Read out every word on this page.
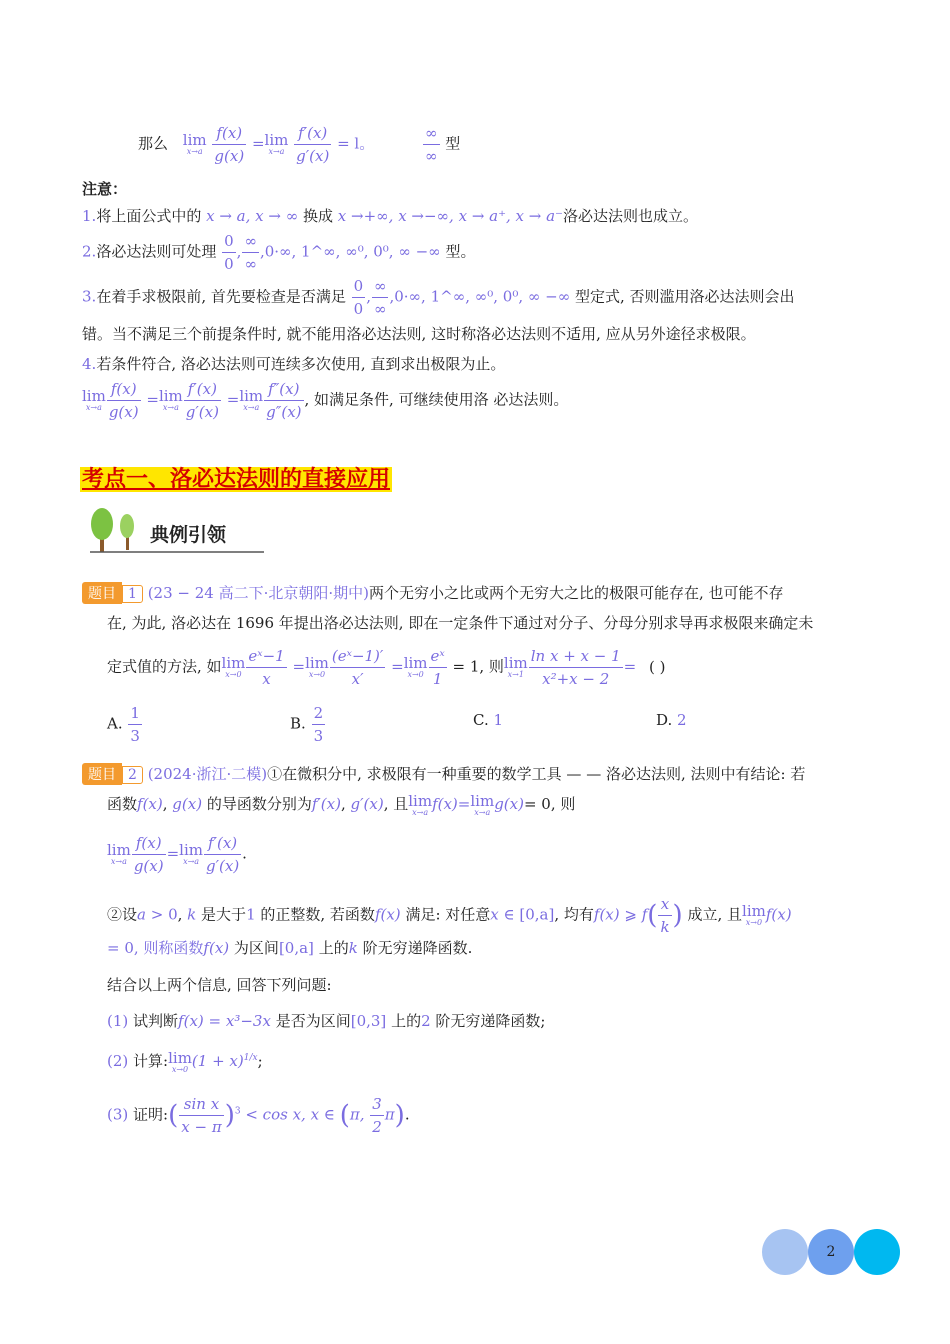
那么 lim
x→a
$\frac{f(x)}{g(x)} =\lim$
x→a
$\frac{f'(x)}{g'(x)} = l$。	$\frac{\infty}{\infty}$ 型
注意：
1.将上面公式中的 x → a, x → ∞ 换成 x →+∞, x →−∞, x → a⁺, x → a⁻洛必达法则也成立。
2.洛必达法则可处理 $\frac{0}{0}$ , $\frac{\infty}{\infty} ,0\cdot\infty$, 1^∞, ∞⁰, 0⁰, ∞ −∞ 型。
3.在着手求极限前, 首先要检查是否满足 $\frac{0}{0}$ , $\frac{\infty}{\infty} ,0\cdot\infty$, 1^∞, ∞⁰, 0⁰, ∞ −∞ 型定式, 否则滥用洛必达法则会出
错。当不满足三个前提条件时, 就不能用洛必达法则, 这时称洛必达法则不适用, 应从另外途径求极限。
4.若条件符合, 洛必达法则可连续多次使用, 直到求出极限为止。
lim
$x\to a \frac{f(x)}{g(x)} =\lim$
$x\to a \frac{f'(x)}{g'(x)} =\lim$
$x\to a \frac{f''(x)}{g''(x)}$ , 如满足条件, 可继续使用洛 必达法则。
考点一、洛必达法则的直接应用
典例引领
题目 1 (23 − 24 高二下·北京朝阳·期中)两个无穷小之比或两个无穷大之比的极限可能存在, 也可能不存
在, 为此, 洛必达在 1696 年提出洛必达法则, 即在一定条件下通过对分子、分母分别求导再求极限来确定未
定式值的方法, 如lim
$x\to 0 \frac{\text{eˣ−1}}{x} =\lim$
$x\to 0 \frac{\text{(eˣ−1)′}}{x'} =\lim$
$x\to 0 \frac{\text{eˣ}}{1} = 1$, 则lim
$x\to 1 \frac{\text{ln x + x − 1}}{\text{x²+x − 2}}$ = ( )
A. $\frac{1}{3}$	B. $\frac{2}{3}$	C. 1	D. 2
题目 2 (2024·浙江·二模)①在微积分中, 求极限有一种重要的数学工具 — — 洛必达法则, 法则中有结论: 若
函数f(x), g(x) 的导函数分别为f′(x), g′(x), 且lim
x→a f(x)=lim
x→a g(x)= 0, 则
lim
$x\to a \frac{f(x)}{g(x)} =\lim$
$x\to a \frac{f'(x)}{g'(x)}$ .
②设a > 0, k 是大于1 的正整数, 若函数f(x) 满足: 对任意x ∈ [0,a], 均有f(x) ⩾ $f( \frac{x}{k}$ ) 成立, 且lim
x→0 f(x)
= 0, 则称函数f(x) 为区间[0,a] 上的k 阶无穷递降函数.
结合以上两个信息, 回答下列问题:
(1) 试判断f(x) = x³−3x 是否为区间[0,3] 上的2 阶无穷递降函数;
(2) 计算:lim
x→0 $(1 + x)^{1/x}$;
(3) 证明:( $\frac{\text{sin x}}{x - \pi} )^3 < \cos x$, x ∈ (π, $\frac{3}{2} \pi$).
2
